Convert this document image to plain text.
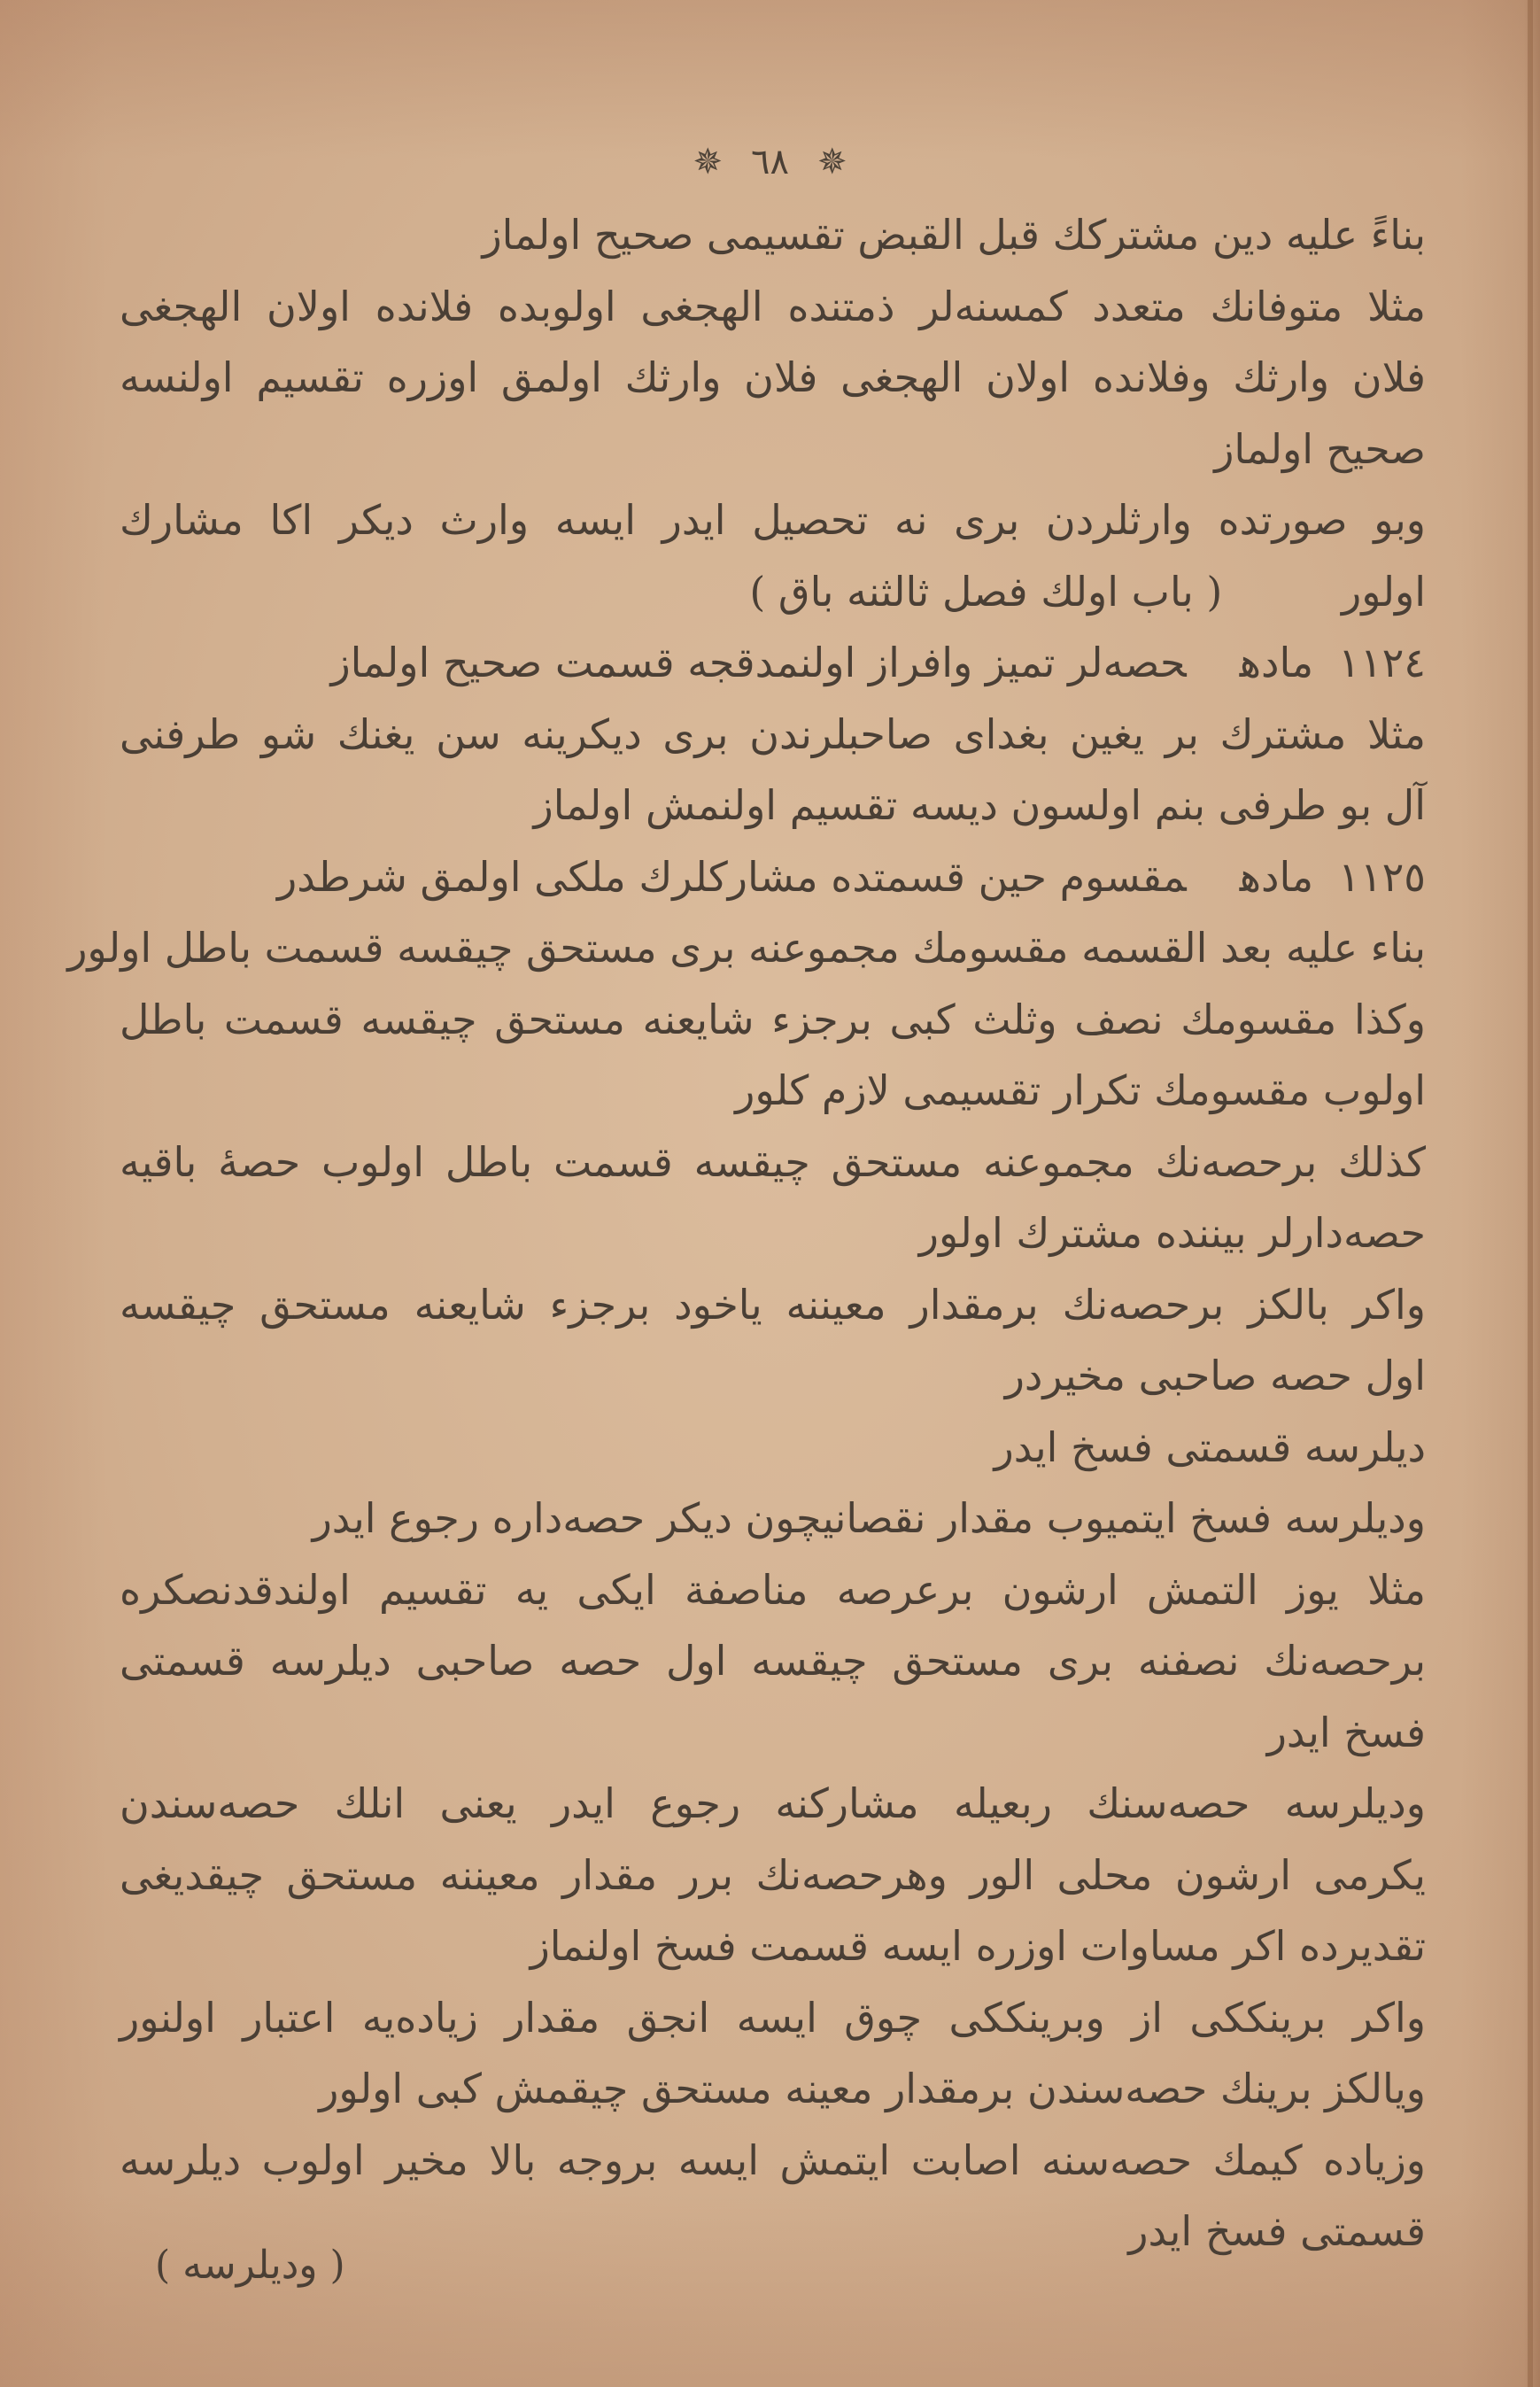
✵ ٦٨ ✵
بناءً عليه دين مشتركك قبل القبض تقسيمى صحيح اولماز
مثلا متوفانك متعدد كمسنه‌لر ذمتنده الهجغى اولوبده فلانده اولان الهجغى
فلان وارثك وفلانده اولان الهجغى فلان وارثك اولمق اوزره تقسيم اولنسه
صحيح اولماز
وبو صورتده وارثلردن برى نه تحصيل ايدر ايسه وارث ديكر اكا مشارك
اولور ( باب اولك فصل ثالثنه باق )
١١٢٤مادهحصه‌لر تميز وافراز اولنمدقجه قسمت صحيح اولماز
مثلا مشترك بر يغين بغداى صاحبلرندن برى ديكرينه سن يغنك شو طرفنى
آل بو طرفى بنم اولسون ديسه تقسيم اولنمش اولماز
١١٢٥مادهمقسوم حين قسمتده مشاركلرك ملكى اولمق شرطدر
بناء عليه بعد القسمه مقسومك مجموعنه برى مستحق چيقسه قسمت باطل اولور
وكذا مقسومك نصف وثلث كبى برجزء شايعنه مستحق چيقسه قسمت باطل
اولوب مقسومك تكرار تقسيمى لازم كلور
كذلك برحصه‌نك مجموعنه مستحق چيقسه قسمت باطل اولوب حصهٔ باقيه
حصه‌دارلر بيننده مشترك اولور
واكر بالكز برحصه‌نك برمقدار معيننه ياخود برجزء شايعنه مستحق چيقسه
اول حصه صاحبى مخيردر
ديلرسه قسمتى فسخ ايدر
وديلرسه فسخ ايتميوب مقدار نقصانيچون ديكر حصه‌داره رجوع ايدر
مثلا يوز التمش ارشون برعرصه مناصفة ايكى يه تقسيم اولندقدنصكره
برحصه‌نك نصفنه برى مستحق چيقسه اول حصه صاحبى ديلرسه قسمتى
فسخ ايدر
وديلرسه حصه‌سنك ربعيله مشاركنه رجوع ايدر يعنى انلك حصه‌سندن
يكرمى ارشون محلى الور وهرحصه‌نك برر مقدار معيننه مستحق چيقديغى
تقديرده اكر مساوات اوزره ايسه قسمت فسخ اولنماز
واكر برينككى از وبرينككى چوق ايسه انجق مقدار زياده‌يه اعتبار اولنور
ويالكز برينك حصه‌سندن برمقدار معينه مستحق چيقمش كبى اولور
وزياده كيمك حصه‌سنه اصابت ايتمش ايسه بروجه بالا مخير اولوب ديلرسه
قسمتى فسخ ايدر
( وديلرسه )
